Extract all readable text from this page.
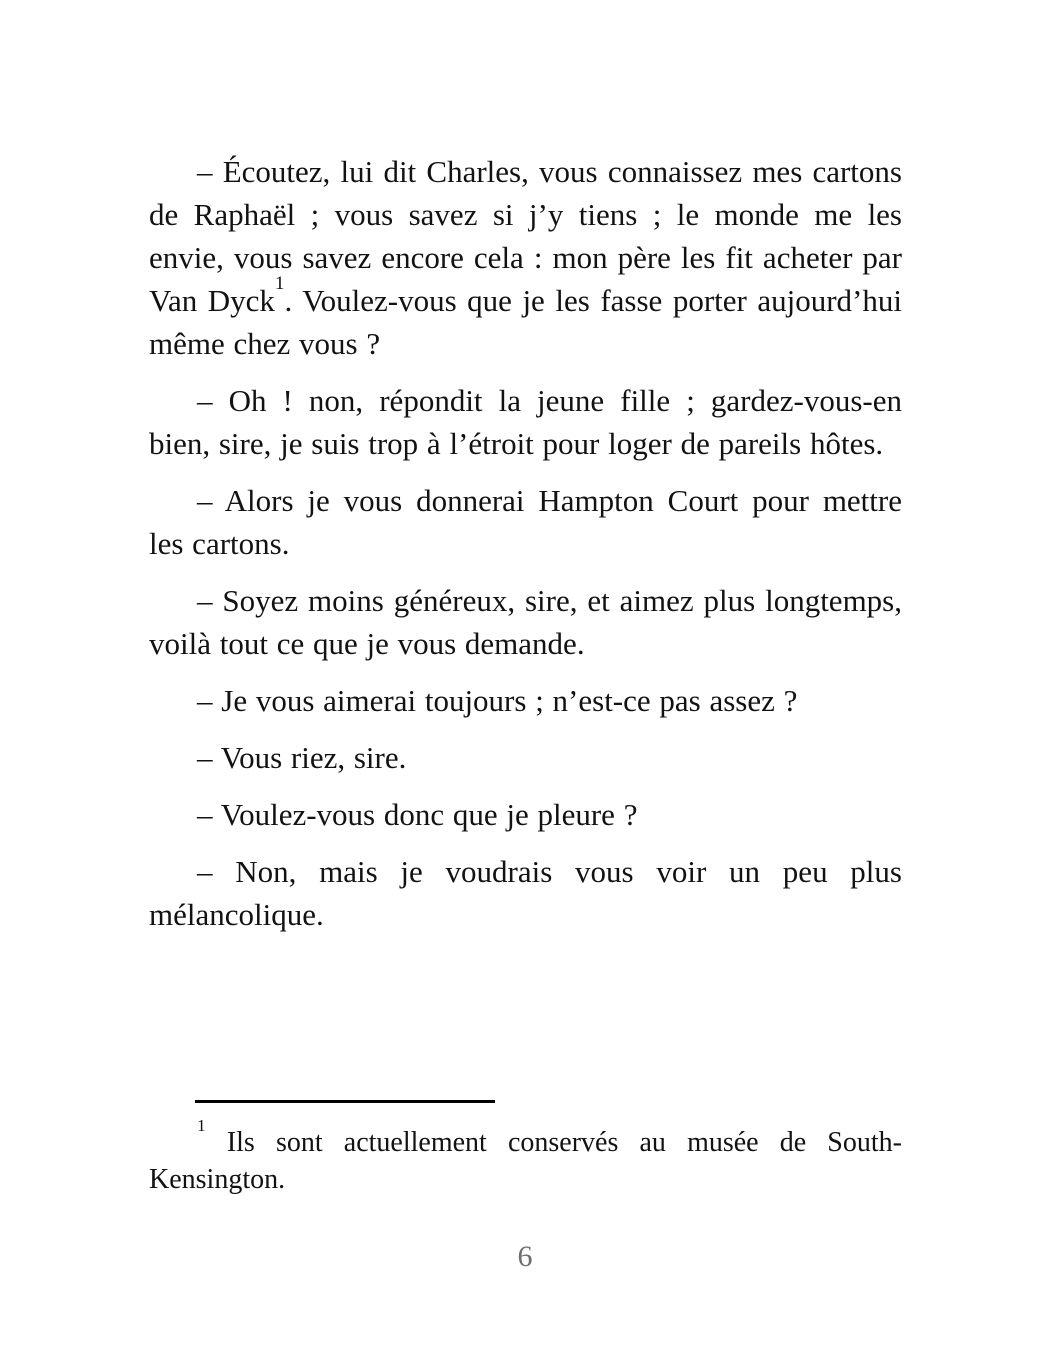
– Écoutez, lui dit Charles, vous connaissez mes cartons de Raphaël ; vous savez si j’y tiens ; le monde me les envie, vous savez encore cela : mon père les fit acheter par Van Dyck$^1$. Voulez-vous que je les fasse porter aujourd’hui même chez vous ?

– Oh ! non, répondit la jeune fille ; gardez-vous-en bien, sire, je suis trop à l’étroit pour loger de pareils hôtes.

– Alors je vous donnerai Hampton Court pour mettre les cartons.

– Soyez moins généreux, sire, et aimez plus longtemps, voilà tout ce que je vous demande.

– Je vous aimerai toujours ; n’est-ce pas assez ?

– Vous riez, sire.

– Voulez-vous donc que je pleure ?

– Non, mais je voudrais vous voir un peu plus mélancolique.

$^1$ Ils sont actuellement conservés au musée de South-Kensington.
6
